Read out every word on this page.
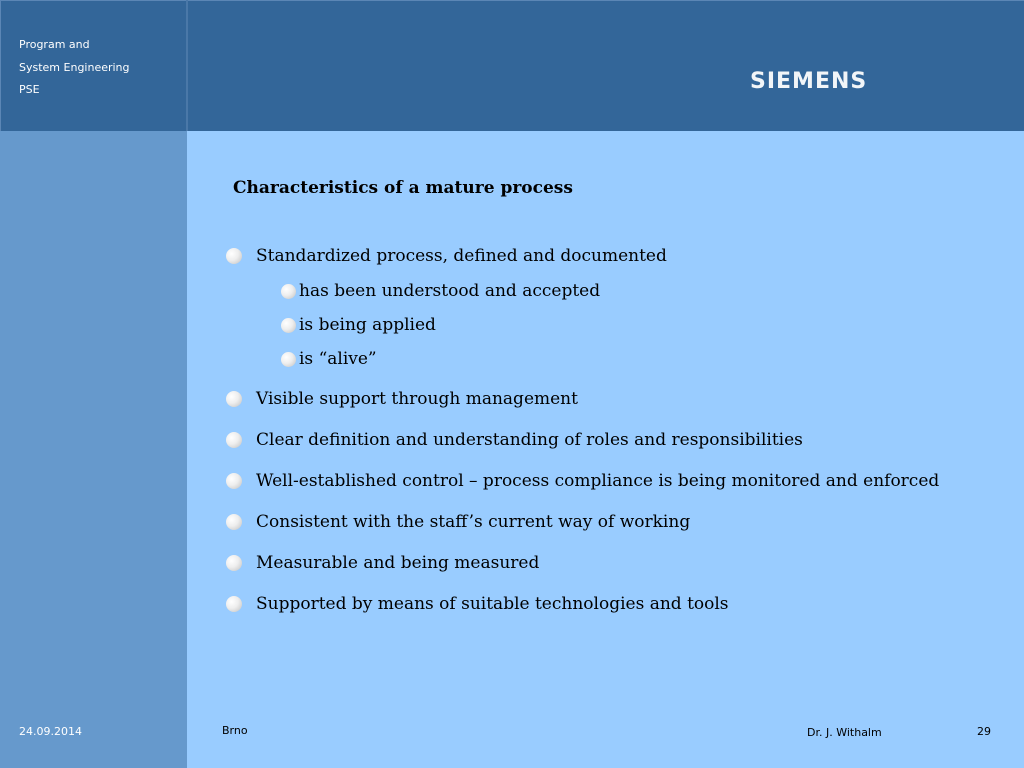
Program and
System Engineering
PSE	SIEMENS
Characteristics of a mature process
Standardized process, defined and documented
has been understood and accepted
is being applied
is “alive”
Visible support through management
Clear definition and understanding of roles and responsibilities
Well-established control – process compliance is being monitored and enforced
Consistent with the staff’s current way of working
Measurable and being measured
Supported by means of suitable technologies and tools
24.09.2014	Brno	Dr. J. Withalm	29
